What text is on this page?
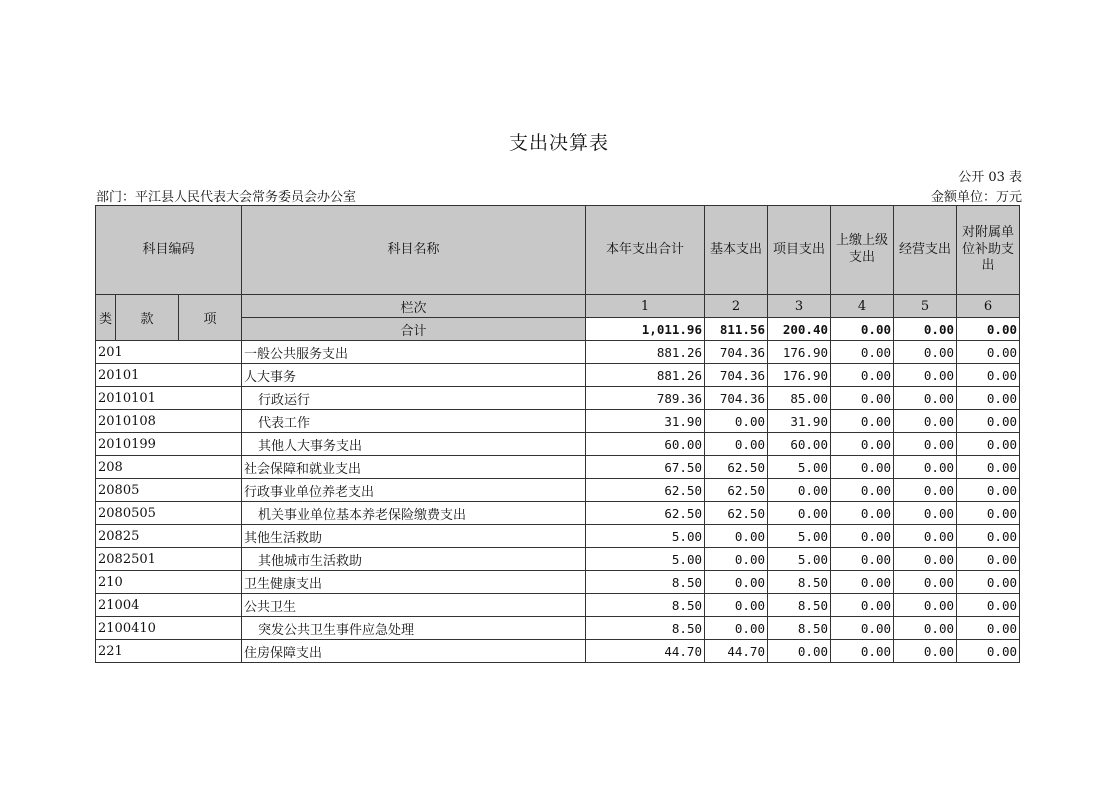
支出决算表
公开 03 表
部门：平江县人民代表大会常务委员会办公室	金额单位：万元
科目编码			科目名称	本年支出合计	基本支出	项目支出	上缴上级支出	经营支出	对附属单位补助支出
类	款	项	栏次	1	2	3	4	5	6
			合计	1,011.96	811.56	200.40	0.00	0.00	0.00
201			一般公共服务支出	881.26	704.36	176.90	0.00	0.00	0.00
20101			人大事务	881.26	704.36	176.90	0.00	0.00	0.00
2010101			行政运行	789.36	704.36	85.00	0.00	0.00	0.00
2010108			代表工作	31.90	0.00	31.90	0.00	0.00	0.00
2010199			其他人大事务支出	60.00	0.00	60.00	0.00	0.00	0.00
208			社会保障和就业支出	67.50	62.50	5.00	0.00	0.00	0.00
20805			行政事业单位养老支出	62.50	62.50	0.00	0.00	0.00	0.00
2080505			机关事业单位基本养老保险缴费支出	62.50	62.50	0.00	0.00	0.00	0.00
20825			其他生活救助	5.00	0.00	5.00	0.00	0.00	0.00
2082501			其他城市生活救助	5.00	0.00	5.00	0.00	0.00	0.00
210			卫生健康支出	8.50	0.00	8.50	0.00	0.00	0.00
21004			公共卫生	8.50	0.00	8.50	0.00	0.00	0.00
2100410			突发公共卫生事件应急处理	8.50	0.00	8.50	0.00	0.00	0.00
221			住房保障支出	44.70	44.70	0.00	0.00	0.00	0.00
